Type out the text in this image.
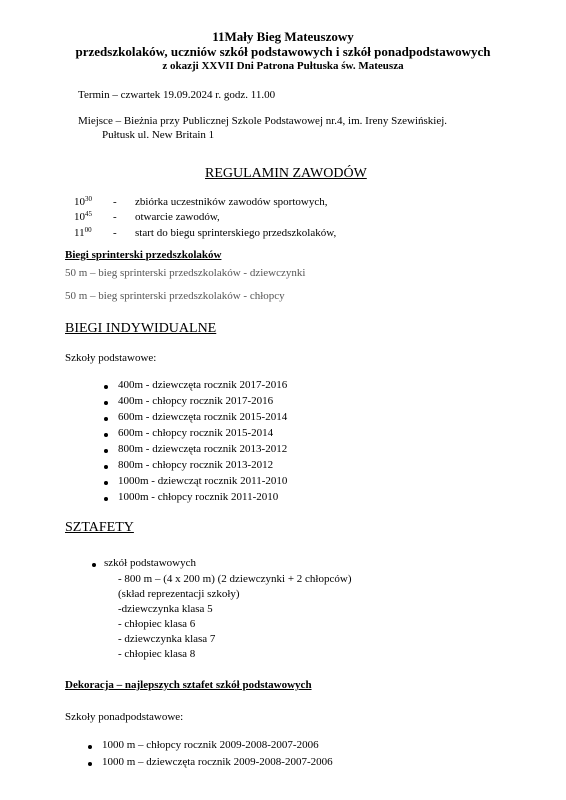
11Mały Bieg Mateuszowy
przedszkolaków, uczniów szkół podstawowych i szkół ponadpodstawowych
z okazji XXVII Dni Patrona Pułtuska św. Mateusza
Termin – czwartek 19.09.2024 r. godz. 11.00
Miejsce – Bieżnia przy Publicznej Szkole Podstawowej nr.4, im. Ireny Szewińskiej.
Pułtusk ul. New Britain 1
REGULAMIN ZAWODÓW
$10^{30}$ - zbiórka uczestników zawodów sportowych,
$10^{45}$ - otwarcie zawodów,
$11^{00}$ - start do biegu sprinterskiego przedszkolaków,
Biegi sprinterski przedszkolaków
50 m – bieg sprinterski przedszkolaków - dziewczynki
50 m – bieg sprinterski przedszkolaków - chłopcy
BIEGI INDYWIDUALNE
Szkoły podstawowe:
400m - dziewczęta rocznik 2017-2016
400m - chłopcy rocznik 2017-2016
600m - dziewczęta rocznik 2015-2014
600m - chłopcy rocznik 2015-2014
800m - dziewczęta rocznik 2013-2012
800m - chłopcy rocznik 2013-2012
1000m - dziewcząt rocznik 2011-2010
1000m - chłopcy rocznik 2011-2010
SZTAFETY
szkół podstawowych
- 800 m – (4 x 200 m) (2 dziewczynki + 2 chłopców)
(skład reprezentacji szkoły)
-dziewczynka klasa 5
- chłopiec klasa 6
- dziewczynka klasa 7
- chłopiec klasa 8
Dekoracja – najlepszych sztafet szkół podstawowych
Szkoły ponadpodstawowe:
1000 m – chłopcy rocznik 2009-2008-2007-2006
1000 m – dziewczęta rocznik 2009-2008-2007-2006
